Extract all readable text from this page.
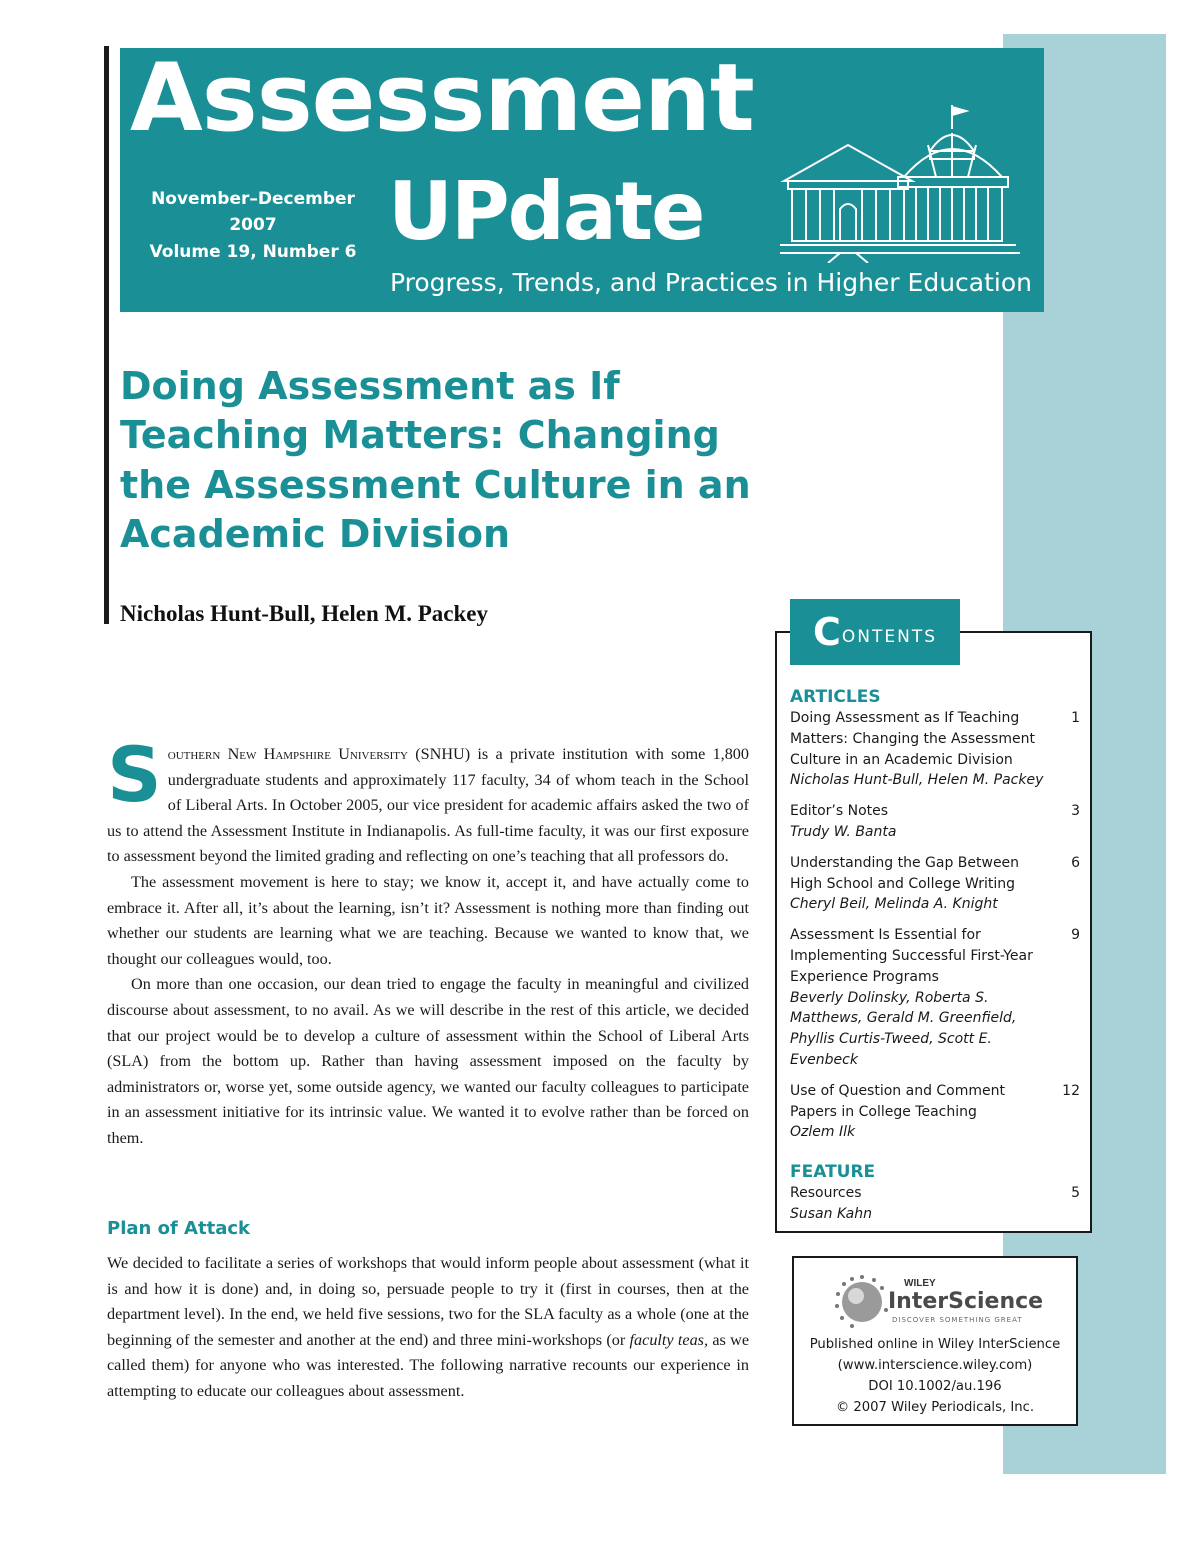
Assessment
November–December 2007
Volume 19, Number 6 UPdate
Progress, Trends, and Practices in Higher Education
Doing Assessment as If Teaching Matters: Changing the Assessment Culture in an Academic Division
Nicholas Hunt-Bull, Helen M. Packey

Southern New Hampshire University (SNHU) is a private institution with some 1,800 undergraduate students and approximately 117 faculty, 34 of whom teach in the School of Liberal Arts. In October 2005, our vice president for academic affairs asked the two of us to attend the Assessment Institute in Indianapolis. As full-time faculty, it was our first exposure to assessment beyond the limited grading and reflecting on one’s teaching that all professors do.

The assessment movement is here to stay; we know it, accept it, and have actually come to embrace it. After all, it’s about the learning, isn’t it? Assessment is nothing more than finding out whether our students are learning what we are teaching. Because we wanted to know that, we thought our colleagues would, too.

On more than one occasion, our dean tried to engage the faculty in meaningful and civilized discourse about assessment, to no avail. As we will describe in the rest of this article, we decided that our project would be to develop a culture of assessment within the School of Liberal Arts (SLA) from the bottom up. Rather than having assessment imposed on the faculty by administrators or, worse yet, some outside agency, we wanted our faculty colleagues to participate in an assessment initiative for its intrinsic value. We wanted it to evolve rather than be forced on them.

Plan of Attack

We decided to facilitate a series of workshops that would inform people about assessment (what it is and how it is done) and, in doing so, persuade people to try it (first in courses, then at the department level). In the end, we held five sessions, two for the SLA faculty as a whole (one at the beginning of the semester and another at the end) and three mini-workshops (or faculty teas, as we called them) for anyone who was interested. The following narrative recounts our experience in attempting to educate our colleagues about assessment.

C ONTENTS
ARTICLES
Doing Assessment as If Teaching Matters: Changing the Assessment Culture in an Academic Division
Nicholas Hunt-Bull, Helen M. Packey
1
Editor’s Notes
Trudy W. Banta
3
Understanding the Gap Between High School and College Writing
Cheryl Beil, Melinda A. Knight
6
Assessment Is Essential for Implementing Successful First-Year Experience Programs
Beverly Dolinsky, Roberta S. Matthews, Gerald M. Greenfield, Phyllis Curtis-Tweed, Scott E. Evenbeck
9
Use of Question and Comment Papers in College Teaching
Ozlem Ilk
12
FEATURE
Resources
Susan Kahn
5
WILEY
InterScience
DISCOVER SOMETHING GREAT
Published online in Wiley InterScience
(www.interscience.wiley.com)
DOI 10.1002/au.196
© 2007 Wiley Periodicals, Inc.
